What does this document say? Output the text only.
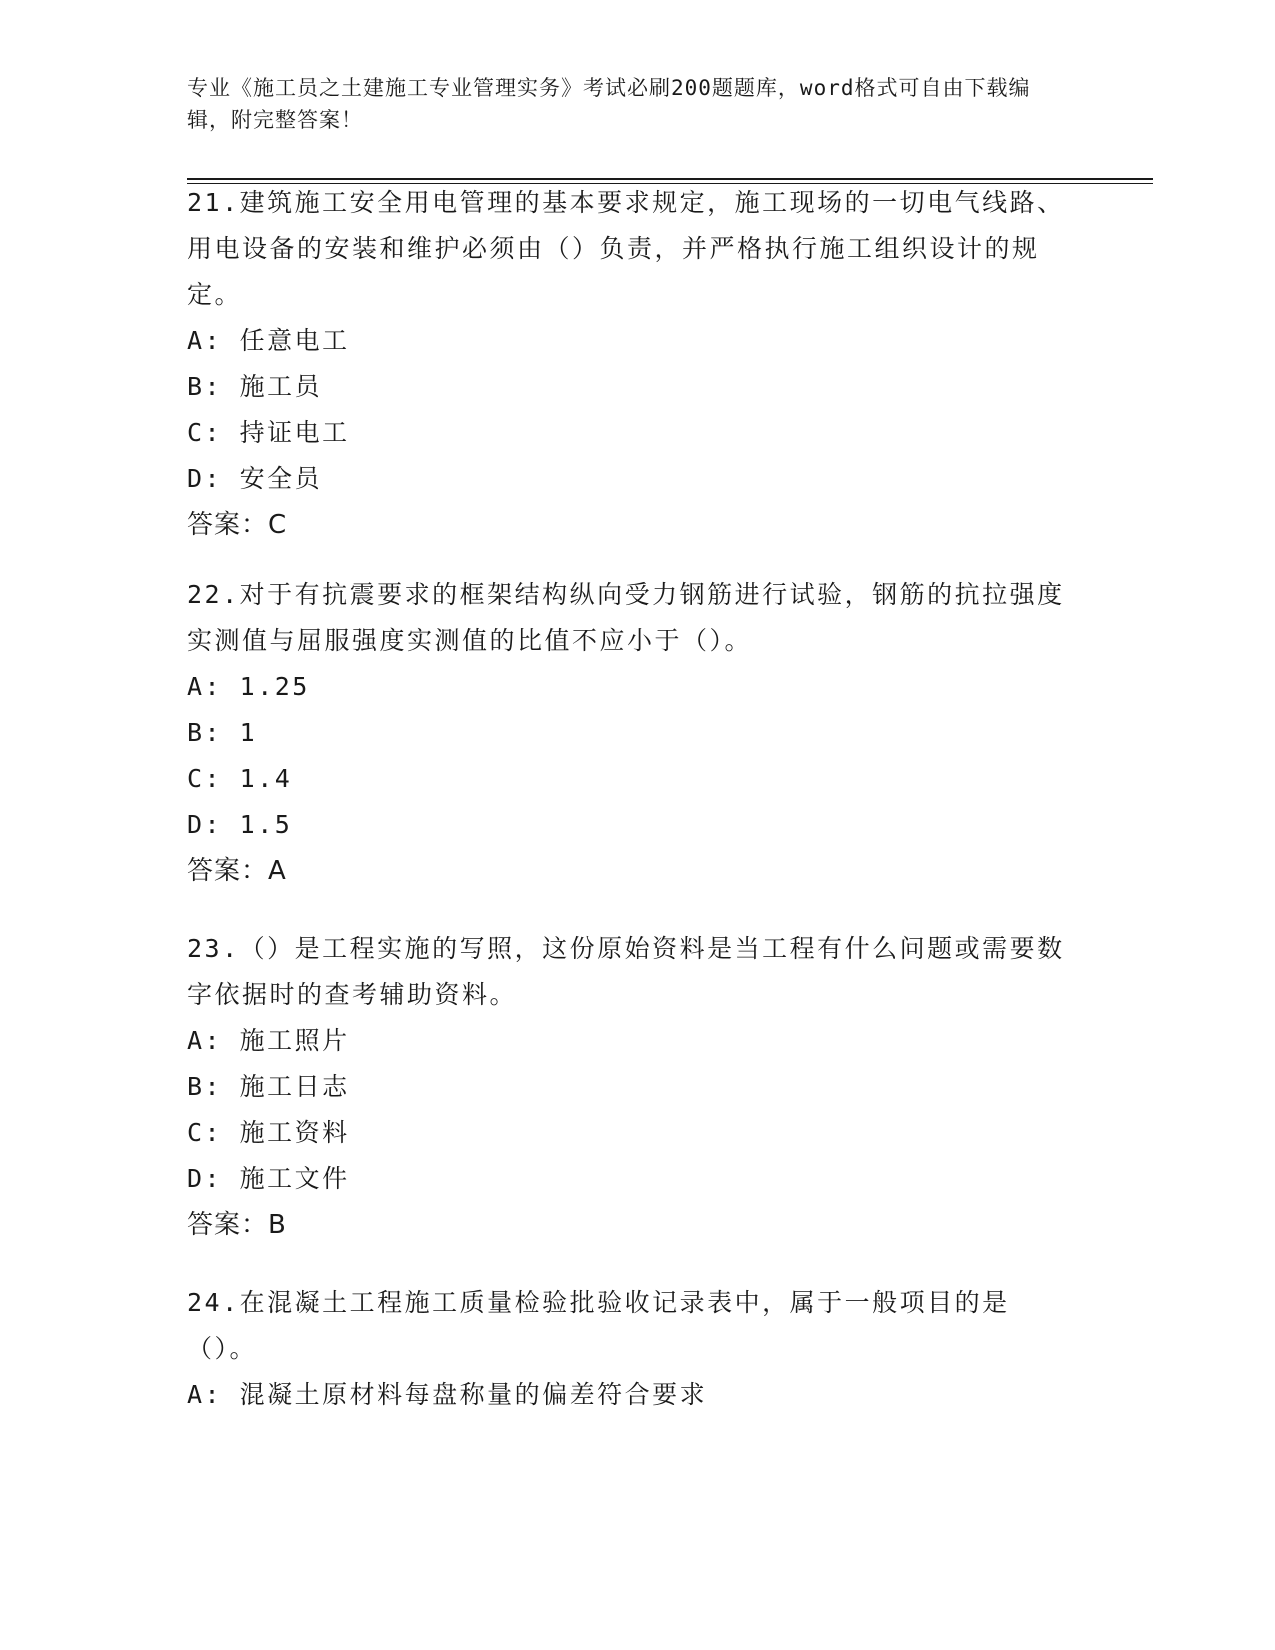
专业《施工员之土建施工专业管理实务》考试必刷200题题库，word格式可自由下载编辑，附完整答案！

21.建筑施工安全用电管理的基本要求规定，施工现场的一切电气线路、用电设备的安装和维护必须由（）负责，并严格执行施工组织设计的规定。

A: 任意电工
B: 施工员
C: 持证电工
D: 安全员
答案：C

22.对于有抗震要求的框架结构纵向受力钢筋进行试验，钢筋的抗拉强度实测值与屈服强度实测值的比值不应小于（）。

A: 1.25
B: 1
C: 1.4
D: 1.5
答案：A

23.（）是工程实施的写照，这份原始资料是当工程有什么问题或需要数字依据时的查考辅助资料。

A: 施工照片
B: 施工日志
C: 施工资料
D: 施工文件
答案：B

24.在混凝土工程施工质量检验批验收记录表中，属于一般项目的是（）。

A: 混凝土原材料每盘称量的偏差符合要求
